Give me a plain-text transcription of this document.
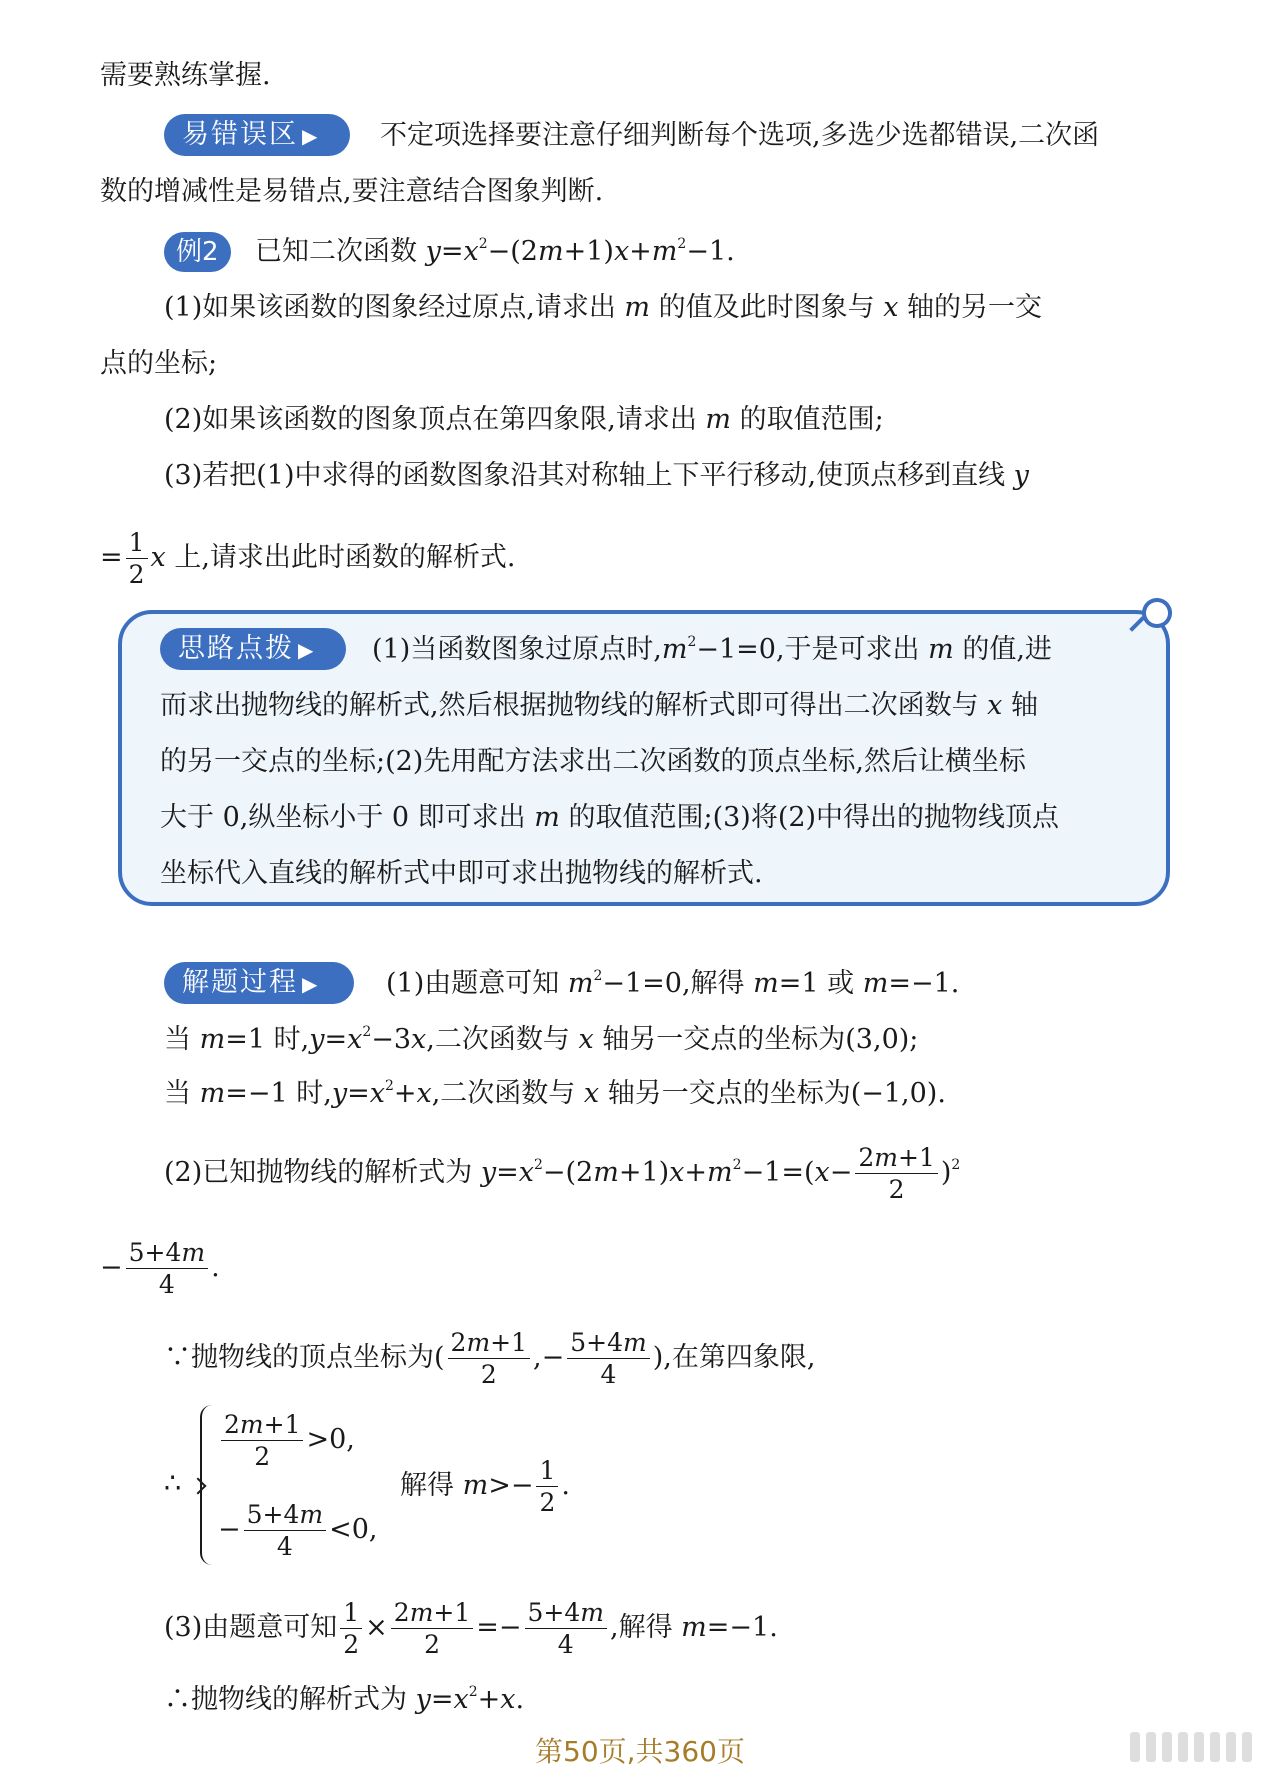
需要熟练掌握.
易错误区 ▶	不定项选择要注意仔细判断每个选项,多选少选都错误,二次函
数的增减性是易错点,要注意结合图象判断.
例2	已知二次函数 $y=x^2-(2m+1)x+m^2-1$.
(1)如果该函数的图象经过原点,请求出 m 的值及此时图象与 x 轴的另一交
点的坐标;
(2)如果该函数的图象顶点在第四象限,请求出 m 的取值范围;
(3)若把(1)中求得的函数图象沿其对称轴上下平行移动,使顶点移到直线 y
= $\frac{1}{2}$ x 上,请求出此时函数的解析式.
思路点拨 ▶	(1)当函数图象过原点时$,m^2-1=0$,于是可求出 m 的值,进
而求出抛物线的解析式,然后根据抛物线的解析式即可得出二次函数与 x 轴
的另一交点的坐标;(2)先用配方法求出二次函数的顶点坐标,然后让横坐标
大于 0,纵坐标小于 0 即可求出 m 的取值范围;(3)将(2)中得出的抛物线顶点
坐标代入直线的解析式中即可求出抛物线的解析式.
解题过程 ▶	(1)由题意可知 $m^2-1=0$,解得 m=1 或 m=−1.
当 m=1 时$,y=x^2-3x$,二次函数与 x 轴另一交点的坐标为(3,0);
当 m=−1 时$,y=x^2+x$,二次函数与 x 轴另一交点的坐标为(−1,0).
(2)已知抛物线的解析式为 $y=x^2-(2m+1)x+m^2-1=(x- \frac{2m+1}{2} )^2$
− $\frac{5+4m}{4}$ .
∵抛物线的顶点坐标为( $\frac{2m+1}{2}$ ,− $\frac{5+4m}{4}$ ),在第四象限,
∴
$\frac{2m+1}{2} >0$,
− $\frac{5+4m}{4} <0$,
解得 $m>- \frac{1}{2}$ .
(3)由题意可知 $\frac{1}{2} \times \frac{2m+1}{2} =- \frac{5+4m}{4}$ ,解得 m=−1.
∴抛物线的解析式为 $y=x^2+x$.
第50页,共360页
